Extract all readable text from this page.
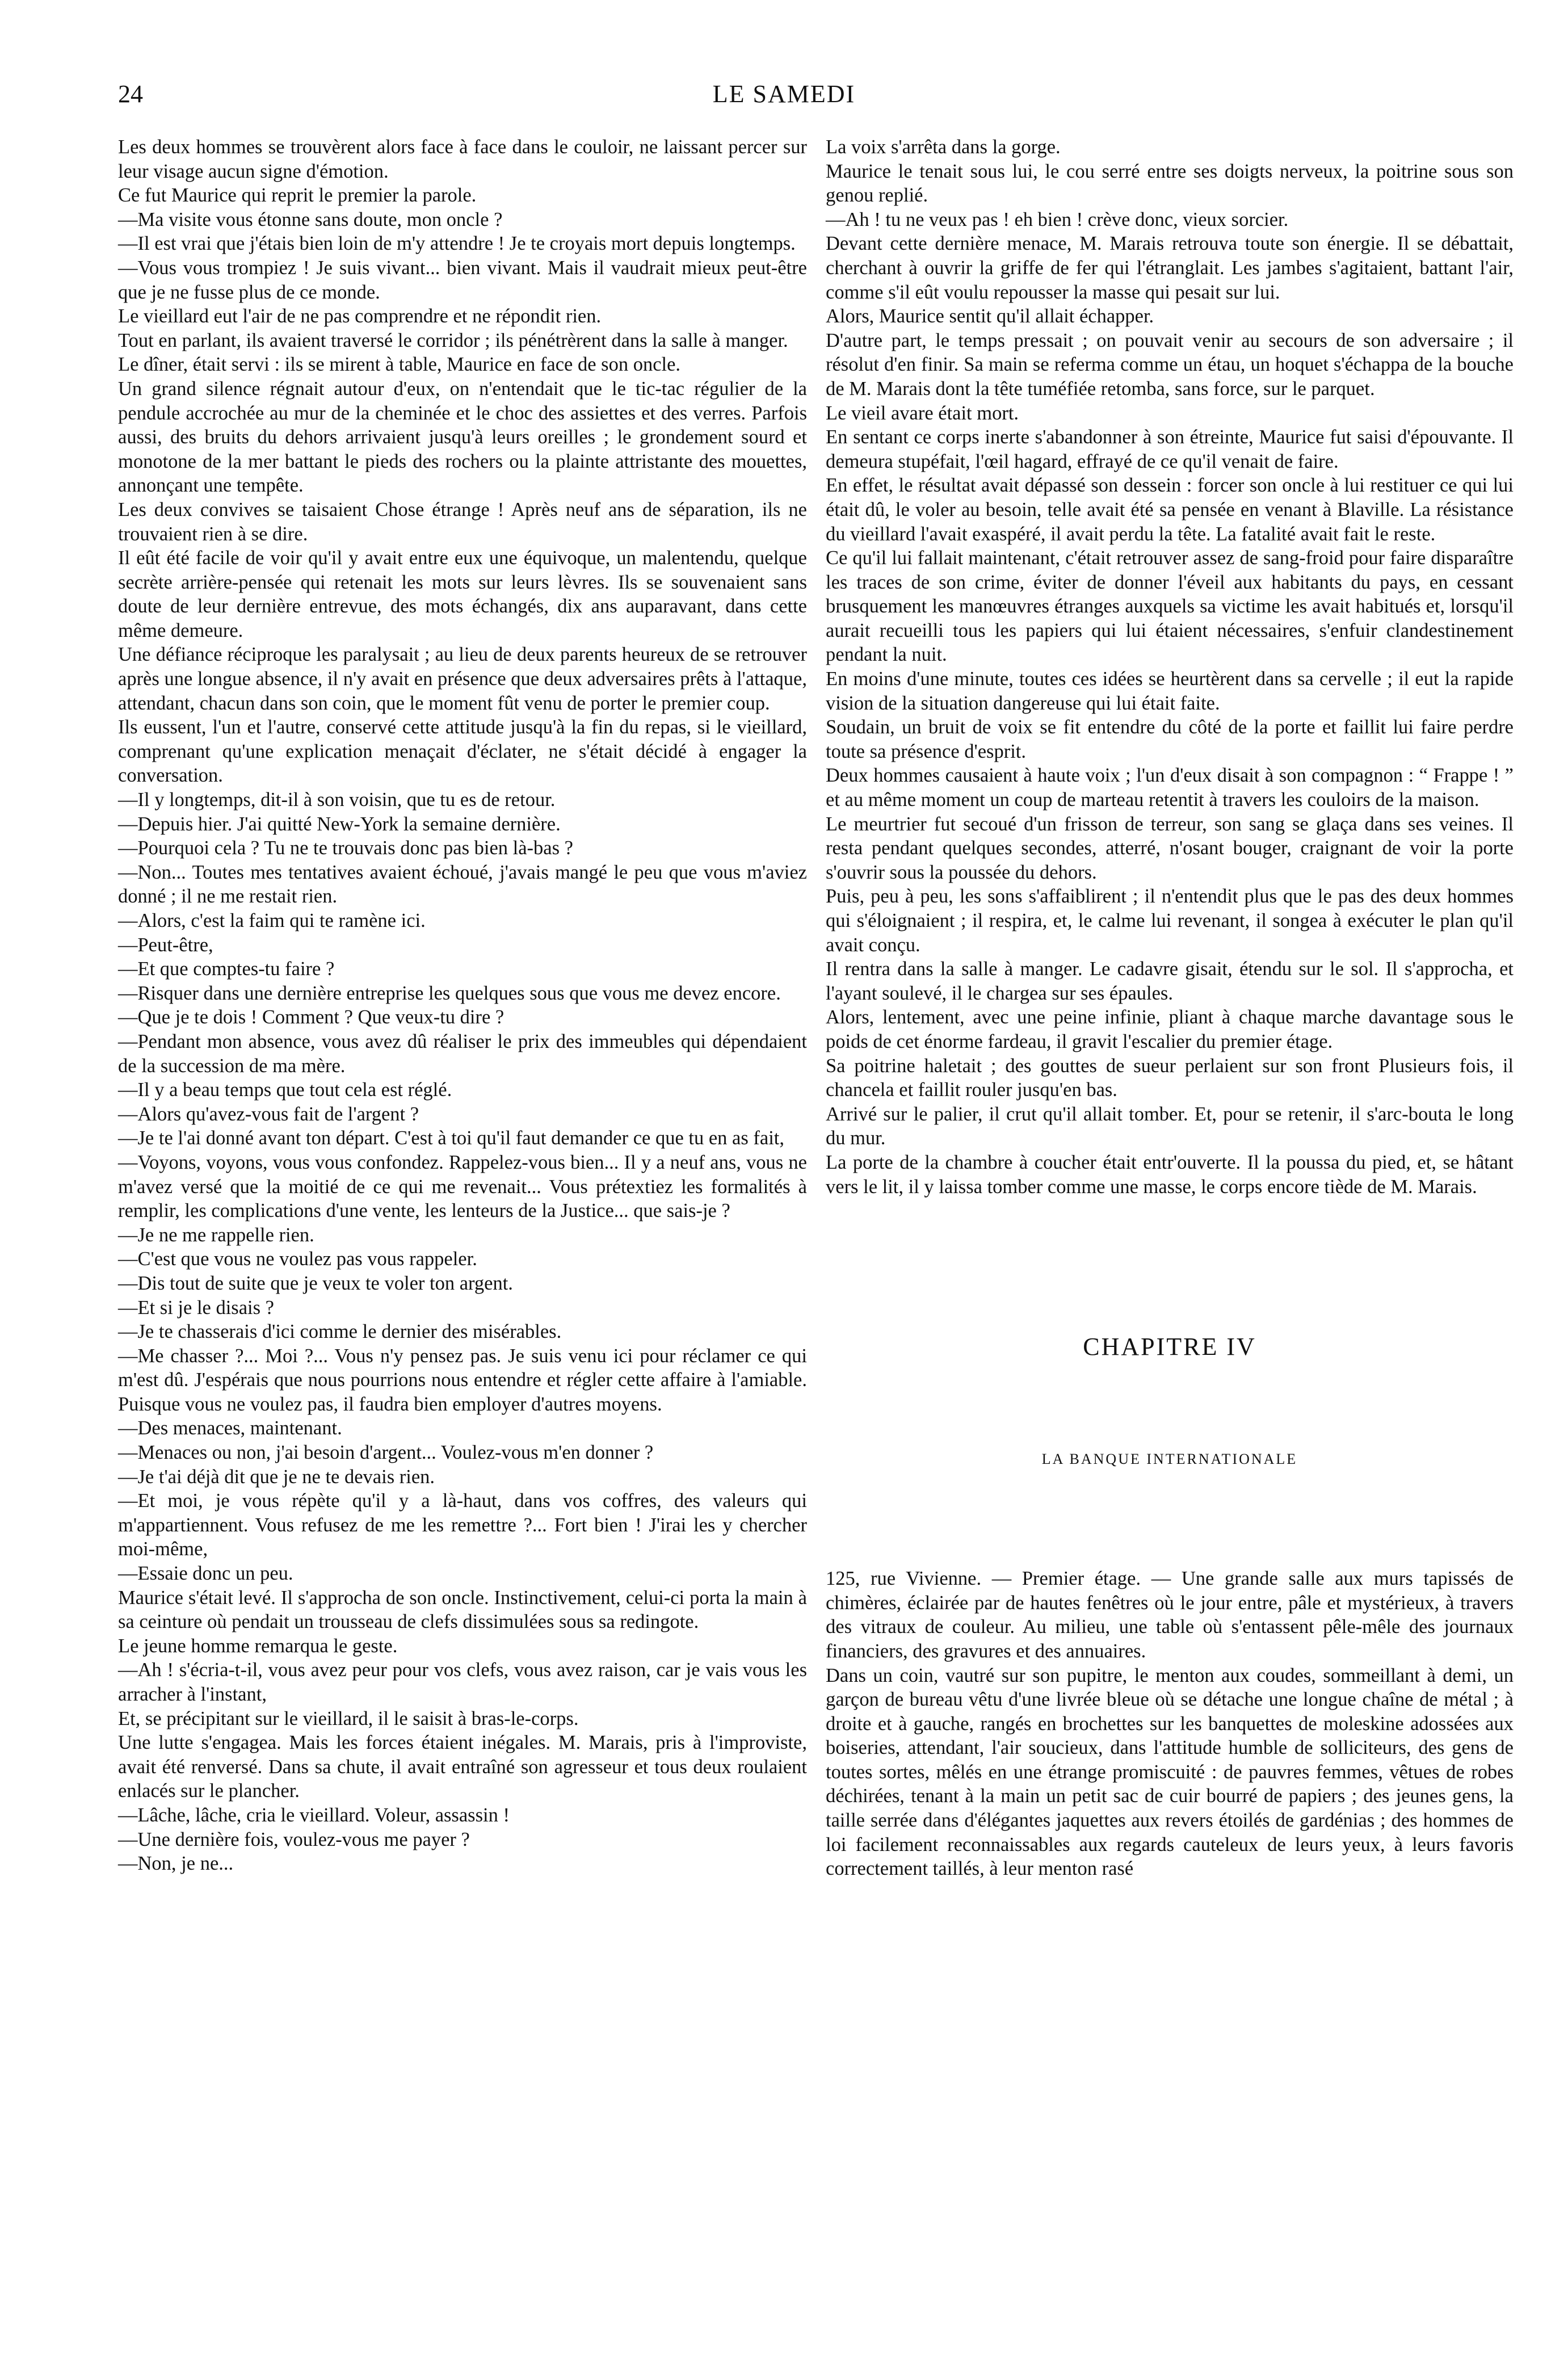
24	LE SAMEDI

Les deux hommes se trouvèrent alors face à face dans le couloir, ne laissant percer sur leur visage aucun signe d'émotion.

Ce fut Maurice qui reprit le premier la parole.

—Ma visite vous étonne sans doute, mon oncle ?

—Il est vrai que j'étais bien loin de m'y attendre ! Je te croyais mort depuis longtemps.

—Vous vous trompiez ! Je suis vivant... bien vivant. Mais il vaudrait mieux peut-être que je ne fusse plus de ce monde.

Le vieillard eut l'air de ne pas comprendre et ne répondit rien.

Tout en parlant, ils avaient traversé le corridor ; ils pénétrèrent dans la salle à manger.

Le dîner, était servi : ils se mirent à table, Maurice en face de son oncle.

Un grand silence régnait autour d'eux, on n'entendait que le tic-tac régulier de la pendule accrochée au mur de la cheminée et le choc des assiettes et des verres. Parfois aussi, des bruits du dehors arrivaient jusqu'à leurs oreilles ; le grondement sourd et monotone de la mer battant le pieds des rochers ou la plainte attristante des mouettes, annonçant une tempête.

Les deux convives se taisaient Chose étrange ! Après neuf ans de séparation, ils ne trouvaient rien à se dire.

Il eût été facile de voir qu'il y avait entre eux une équivoque, un malentendu, quelque secrète arrière-pensée qui retenait les mots sur leurs lèvres. Ils se souvenaient sans doute de leur dernière entrevue, des mots échangés, dix ans auparavant, dans cette même demeure.

Une défiance réciproque les paralysait ; au lieu de deux parents heureux de se retrouver après une longue absence, il n'y avait en présence que deux adversaires prêts à l'attaque, attendant, chacun dans son coin, que le moment fût venu de porter le premier coup.

Ils eussent, l'un et l'autre, conservé cette attitude jusqu'à la fin du repas, si le vieillard, comprenant qu'une explication menaçait d'éclater, ne s'était décidé à engager la conversation.

—Il y longtemps, dit-il à son voisin, que tu es de retour.

—Depuis hier. J'ai quitté New-York la semaine dernière.

—Pourquoi cela ? Tu ne te trouvais donc pas bien là-bas ?

—Non... Toutes mes tentatives avaient échoué, j'avais mangé le peu que vous m'aviez donné ; il ne me restait rien.

—Alors, c'est la faim qui te ramène ici.

—Peut-être,

—Et que comptes-tu faire ?

—Risquer dans une dernière entreprise les quelques sous que vous me devez encore.

—Que je te dois ! Comment ? Que veux-tu dire ?

—Pendant mon absence, vous avez dû réaliser le prix des immeubles qui dépendaient de la succession de ma mère.

—Il y a beau temps que tout cela est réglé.

—Alors qu'avez-vous fait de l'argent ?

—Je te l'ai donné avant ton départ. C'est à toi qu'il faut demander ce que tu en as fait,

—Voyons, voyons, vous vous confondez. Rappelez-vous bien... Il y a neuf ans, vous ne m'avez versé que la moitié de ce qui me revenait... Vous prétextiez les formalités à remplir, les complications d'une vente, les lenteurs de la Justice... que sais-je ?

—Je ne me rappelle rien.

—C'est que vous ne voulez pas vous rappeler.

—Dis tout de suite que je veux te voler ton argent.

—Et si je le disais ?

—Je te chasserais d'ici comme le dernier des misérables.

—Me chasser ?... Moi ?... Vous n'y pensez pas. Je suis venu ici pour réclamer ce qui m'est dû. J'espérais que nous pourrions nous entendre et régler cette affaire à l'amiable. Puisque vous ne voulez pas, il faudra bien employer d'autres moyens.

—Des menaces, maintenant.

—Menaces ou non, j'ai besoin d'argent... Voulez-vous m'en donner ?

—Je t'ai déjà dit que je ne te devais rien.

—Et moi, je vous répète qu'il y a là-haut, dans vos coffres, des valeurs qui m'appartiennent. Vous refusez de me les remettre ?... Fort bien ! J'irai les y chercher moi-même,

—Essaie donc un peu.

Maurice s'était levé. Il s'approcha de son oncle. Instinctivement, celui-ci porta la main à sa ceinture où pendait un trousseau de clefs dissimulées sous sa redingote.

Le jeune homme remarqua le geste.

—Ah ! s'écria-t-il, vous avez peur pour vos clefs, vous avez raison, car je vais vous les arracher à l'instant,

Et, se précipitant sur le vieillard, il le saisit à bras-le-corps.

Une lutte s'engagea. Mais les forces étaient inégales. M. Marais, pris à l'improviste, avait été renversé. Dans sa chute, il avait entraîné son agresseur et tous deux roulaient enlacés sur le plancher.

—Lâche, lâche, cria le vieillard. Voleur, assassin !

—Une dernière fois, voulez-vous me payer ?

—Non, je ne...

La voix s'arrêta dans la gorge.

Maurice le tenait sous lui, le cou serré entre ses doigts nerveux, la poitrine sous son genou replié.

—Ah ! tu ne veux pas ! eh bien ! crève donc, vieux sorcier.

Devant cette dernière menace, M. Marais retrouva toute son énergie. Il se débattait, cherchant à ouvrir la griffe de fer qui l'étranglait. Les jambes s'agitaient, battant l'air, comme s'il eût voulu repousser la masse qui pesait sur lui.

Alors, Maurice sentit qu'il allait échapper.

D'autre part, le temps pressait ; on pouvait venir au secours de son adversaire ; il résolut d'en finir. Sa main se referma comme un étau, un hoquet s'échappa de la bouche de M. Marais dont la tête tuméfiée retomba, sans force, sur le parquet.

Le vieil avare était mort.

En sentant ce corps inerte s'abandonner à son étreinte, Maurice fut saisi d'épouvante. Il demeura stupéfait, l'œil hagard, effrayé de ce qu'il venait de faire.

En effet, le résultat avait dépassé son dessein : forcer son oncle à lui restituer ce qui lui était dû, le voler au besoin, telle avait été sa pensée en venant à Blaville. La résistance du vieillard l'avait exaspéré, il avait perdu la tête. La fatalité avait fait le reste.

Ce qu'il lui fallait maintenant, c'était retrouver assez de sang-froid pour faire disparaître les traces de son crime, éviter de donner l'éveil aux habitants du pays, en cessant brusquement les manœuvres étranges auxquels sa victime les avait habitués et, lorsqu'il aurait recueilli tous les papiers qui lui étaient nécessaires, s'enfuir clandestinement pendant la nuit.

En moins d'une minute, toutes ces idées se heurtèrent dans sa cervelle ; il eut la rapide vision de la situation dangereuse qui lui était faite.

Soudain, un bruit de voix se fit entendre du côté de la porte et faillit lui faire perdre toute sa présence d'esprit.

Deux hommes causaient à haute voix ; l'un d'eux disait à son compagnon : “ Frappe ! ” et au même moment un coup de marteau retentit à travers les couloirs de la maison.

Le meurtrier fut secoué d'un frisson de terreur, son sang se glaça dans ses veines. Il resta pendant quelques secondes, atterré, n'osant bouger, craignant de voir la porte s'ouvrir sous la poussée du dehors.

Puis, peu à peu, les sons s'affaiblirent ; il n'entendit plus que le pas des deux hommes qui s'éloignaient ; il respira, et, le calme lui revenant, il songea à exécuter le plan qu'il avait conçu.

Il rentra dans la salle à manger. Le cadavre gisait, étendu sur le sol. Il s'approcha, et l'ayant soulevé, il le chargea sur ses épaules.

Alors, lentement, avec une peine infinie, pliant à chaque marche davantage sous le poids de cet énorme fardeau, il gravit l'escalier du premier étage.

Sa poitrine haletait ; des gouttes de sueur perlaient sur son front Plusieurs fois, il chancela et faillit rouler jusqu'en bas.

Arrivé sur le palier, il crut qu'il allait tomber. Et, pour se retenir, il s'arc-bouta le long du mur.

La porte de la chambre à coucher était entr'ouverte. Il la poussa du pied, et, se hâtant vers le lit, il y laissa tomber comme une masse, le corps encore tiède de M. Marais.

CHAPITRE IV
LA BANQUE INTERNATIONALE

125, rue Vivienne. — Premier étage. — Une grande salle aux murs tapissés de chimères, éclairée par de hautes fenêtres où le jour entre, pâle et mystérieux, à travers des vitraux de couleur. Au milieu, une table où s'entassent pêle-mêle des journaux financiers, des gravures et des annuaires.

Dans un coin, vautré sur son pupitre, le menton aux coudes, sommeillant à demi, un garçon de bureau vêtu d'une livrée bleue où se détache une longue chaîne de métal ; à droite et à gauche, rangés en brochettes sur les banquettes de moleskine adossées aux boiseries, attendant, l'air soucieux, dans l'attitude humble de solliciteurs, des gens de toutes sortes, mêlés en une étrange promiscuité : de pauvres femmes, vêtues de robes déchirées, tenant à la main un petit sac de cuir bourré de papiers ; des jeunes gens, la taille serrée dans d'élégantes jaquettes aux revers étoilés de gardénias ; des hommes de loi facilement reconnaissables aux regards cauteleux de leurs yeux, à leurs favoris correctement taillés, à leur menton rasé
